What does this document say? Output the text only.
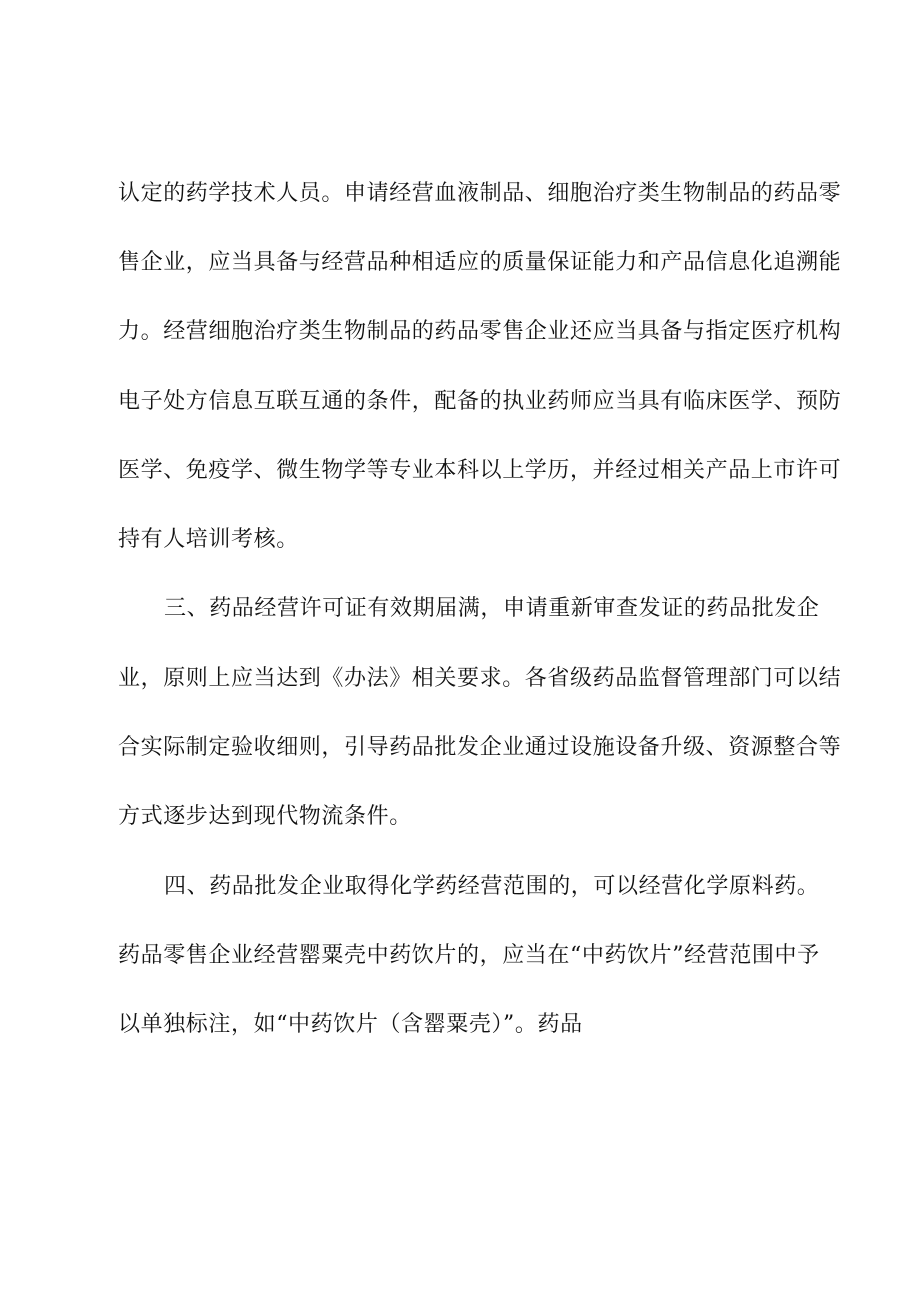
认定的药学技术人员。申请经营血液制品、细胞治疗类生物制品的药品零

售企业，应当具备与经营品种相适应的质量保证能力和产品信息化追溯能

力。经营细胞治疗类生物制品的药品零售企业还应当具备与指定医疗机构

电子处方信息互联互通的条件，配备的执业药师应当具有临床医学、预防

医学、免疫学、微生物学等专业本科以上学历，并经过相关产品上市许可

持有人培训考核。

三、药品经营许可证有效期届满，申请重新审查发证的药品批发企

业，原则上应当达到《办法》相关要求。各省级药品监督管理部门可以结

合实际制定验收细则，引导药品批发企业通过设施设备升级、资源整合等

方式逐步达到现代物流条件。

四、药品批发企业取得化学药经营范围的，可以经营化学原料药。

药品零售企业经营罂粟壳中药饮片的，应当在“中药饮片”经营范围中予

以单独标注，如“中药饮片（含罂粟壳）”。药品
